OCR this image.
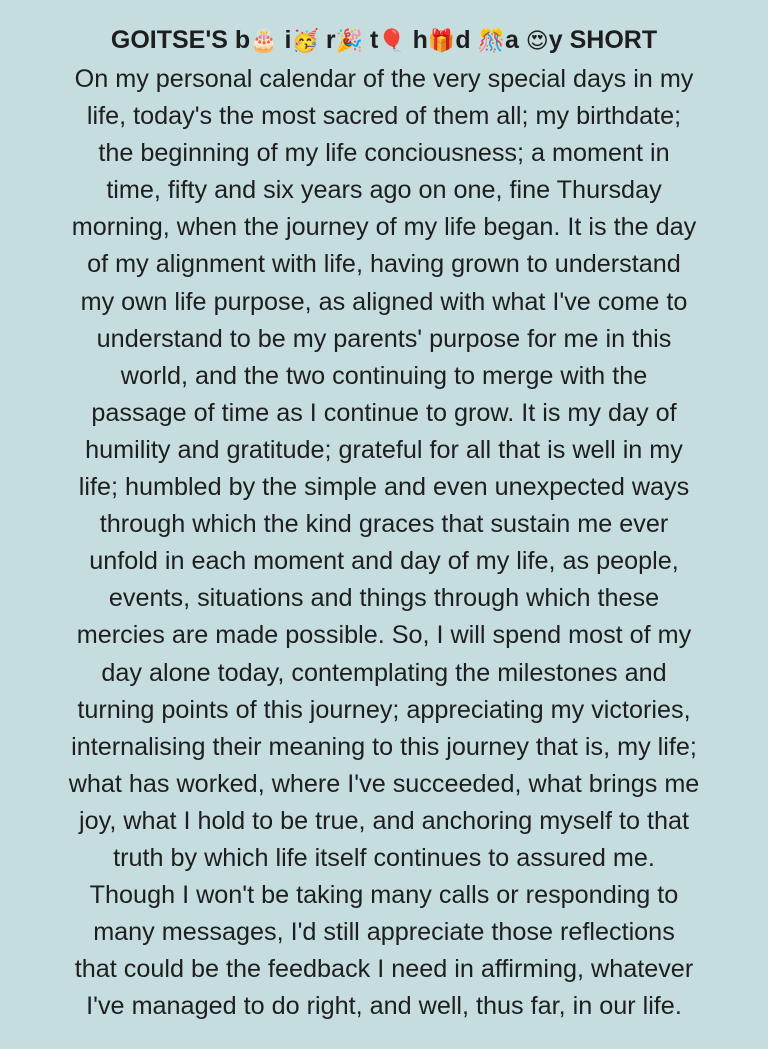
GOITSE'S b🎂 i🥳 r🎉 t🎈 h🎁d 🎊a 😍y SHORT
On my personal calendar of the very special days in my
life, today's the most sacred of them all; my birthdate;
the beginning of my life conciousness; a moment in
time, fifty and six years ago on one, fine Thursday
morning, when the journey of my life began. It is the day
of my alignment with life, having grown to understand
my own life purpose, as aligned with what I've come to
understand to be my parents' purpose for me in this
world, and the two continuing to merge with the
passage of time as I continue to grow. It is my day of
humility and gratitude; grateful for all that is well in my
life; humbled by the simple and even unexpected ways
through which the kind graces that sustain me ever
unfold in each moment and day of my life, as people,
events, situations and things through which these
mercies are made possible. So, I will spend most of my
day alone today, contemplating the milestones and
turning points of this journey; appreciating my victories,
internalising their meaning to this journey that is, my life;
what has worked, where I've succeeded, what brings me
joy, what I hold to be true, and anchoring myself to that
truth by which life itself continues to assured me.
Though I won't be taking many calls or responding to
many messages, I'd still appreciate those reflections
that could be the feedback I need in affirming, whatever
I've managed to do right, and well, thus far, in our life.
